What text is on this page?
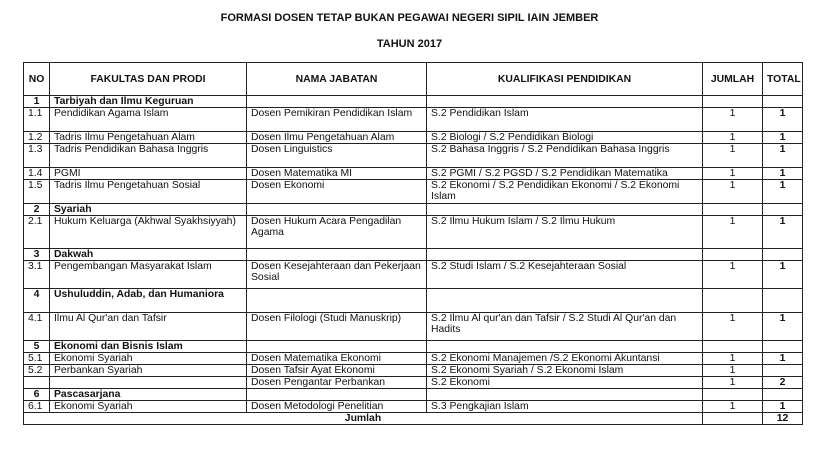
FORMASI DOSEN TETAP BUKAN PEGAWAI NEGERI SIPIL IAIN JEMBER
TAHUN 2017
NO	FAKULTAS DAN PRODI	NAMA JABATAN	KUALIFIKASI PENDIDIKAN	JUMLAH	TOTAL
1	Tarbiyah dan Ilmu Keguruan				
1.1	Pendidikan Agama Islam	Dosen Pemikiran Pendidikan Islam	S.2 Pendidikan Islam	1	1
1.2	Tadris Ilmu Pengetahuan Alam	Dosen Ilmu Pengetahuan Alam	S.2 Biologi / S.2 Pendidikan Biologi	1	1
1.3	Tadris Pendidikan Bahasa Inggris	Dosen Linguistics	S.2 Bahasa Inggris / S.2 Pendidikan Bahasa Inggris	1	1
1.4	PGMI	Dosen Matematika MI	S.2 PGMI / S.2 PGSD / S.2 Pendidikan Matematika	1	1
1.5	Tadris Ilmu Pengetahuan Sosial	Dosen Ekonomi	S.2 Ekonomi / S.2 Pendidikan Ekonomi / S.2 Ekonomi Islam	1	1
2	Syariah				
2.1	Hukum Keluarga (Akhwal Syakhsiyyah)	Dosen Hukum Acara Pengadilan Agama	S.2 Ilmu Hukum Islam / S.2 Ilmu Hukum	1	1
3	Dakwah				
3.1	Pengembangan Masyarakat Islam	Dosen Kesejahteraan dan Pekerjaan Sosial	S.2 Studi Islam / S.2 Kesejahteraan Sosial	1	1
4	Ushuluddin, Adab, dan Humaniora				
4.1	Ilmu Al Qur'an dan Tafsir	Dosen Filologi (Studi Manuskrip)	S.2 Ilmu Al qur'an dan Tafsir / S.2 Studi Al Qur'an dan Hadits	1	1
5	Ekonomi dan Bisnis Islam				
5.1	Ekonomi Syariah	Dosen Matematika Ekonomi	S.2 Ekonomi Manajemen /S.2 Ekonomi Akuntansi	1	1
5.2	Perbankan Syariah	Dosen Tafsir Ayat Ekonomi	S.2 Ekonomi Syariah / S.2 Ekonomi Islam	1	
		Dosen Pengantar Perbankan	S.2 Ekonomi	1	2
6	Pascasarjana				
6.1	Ekonomi Syariah	Dosen Metodologi Penelitian	S.3 Pengkajian Islam	1	1
Jumlah					12
